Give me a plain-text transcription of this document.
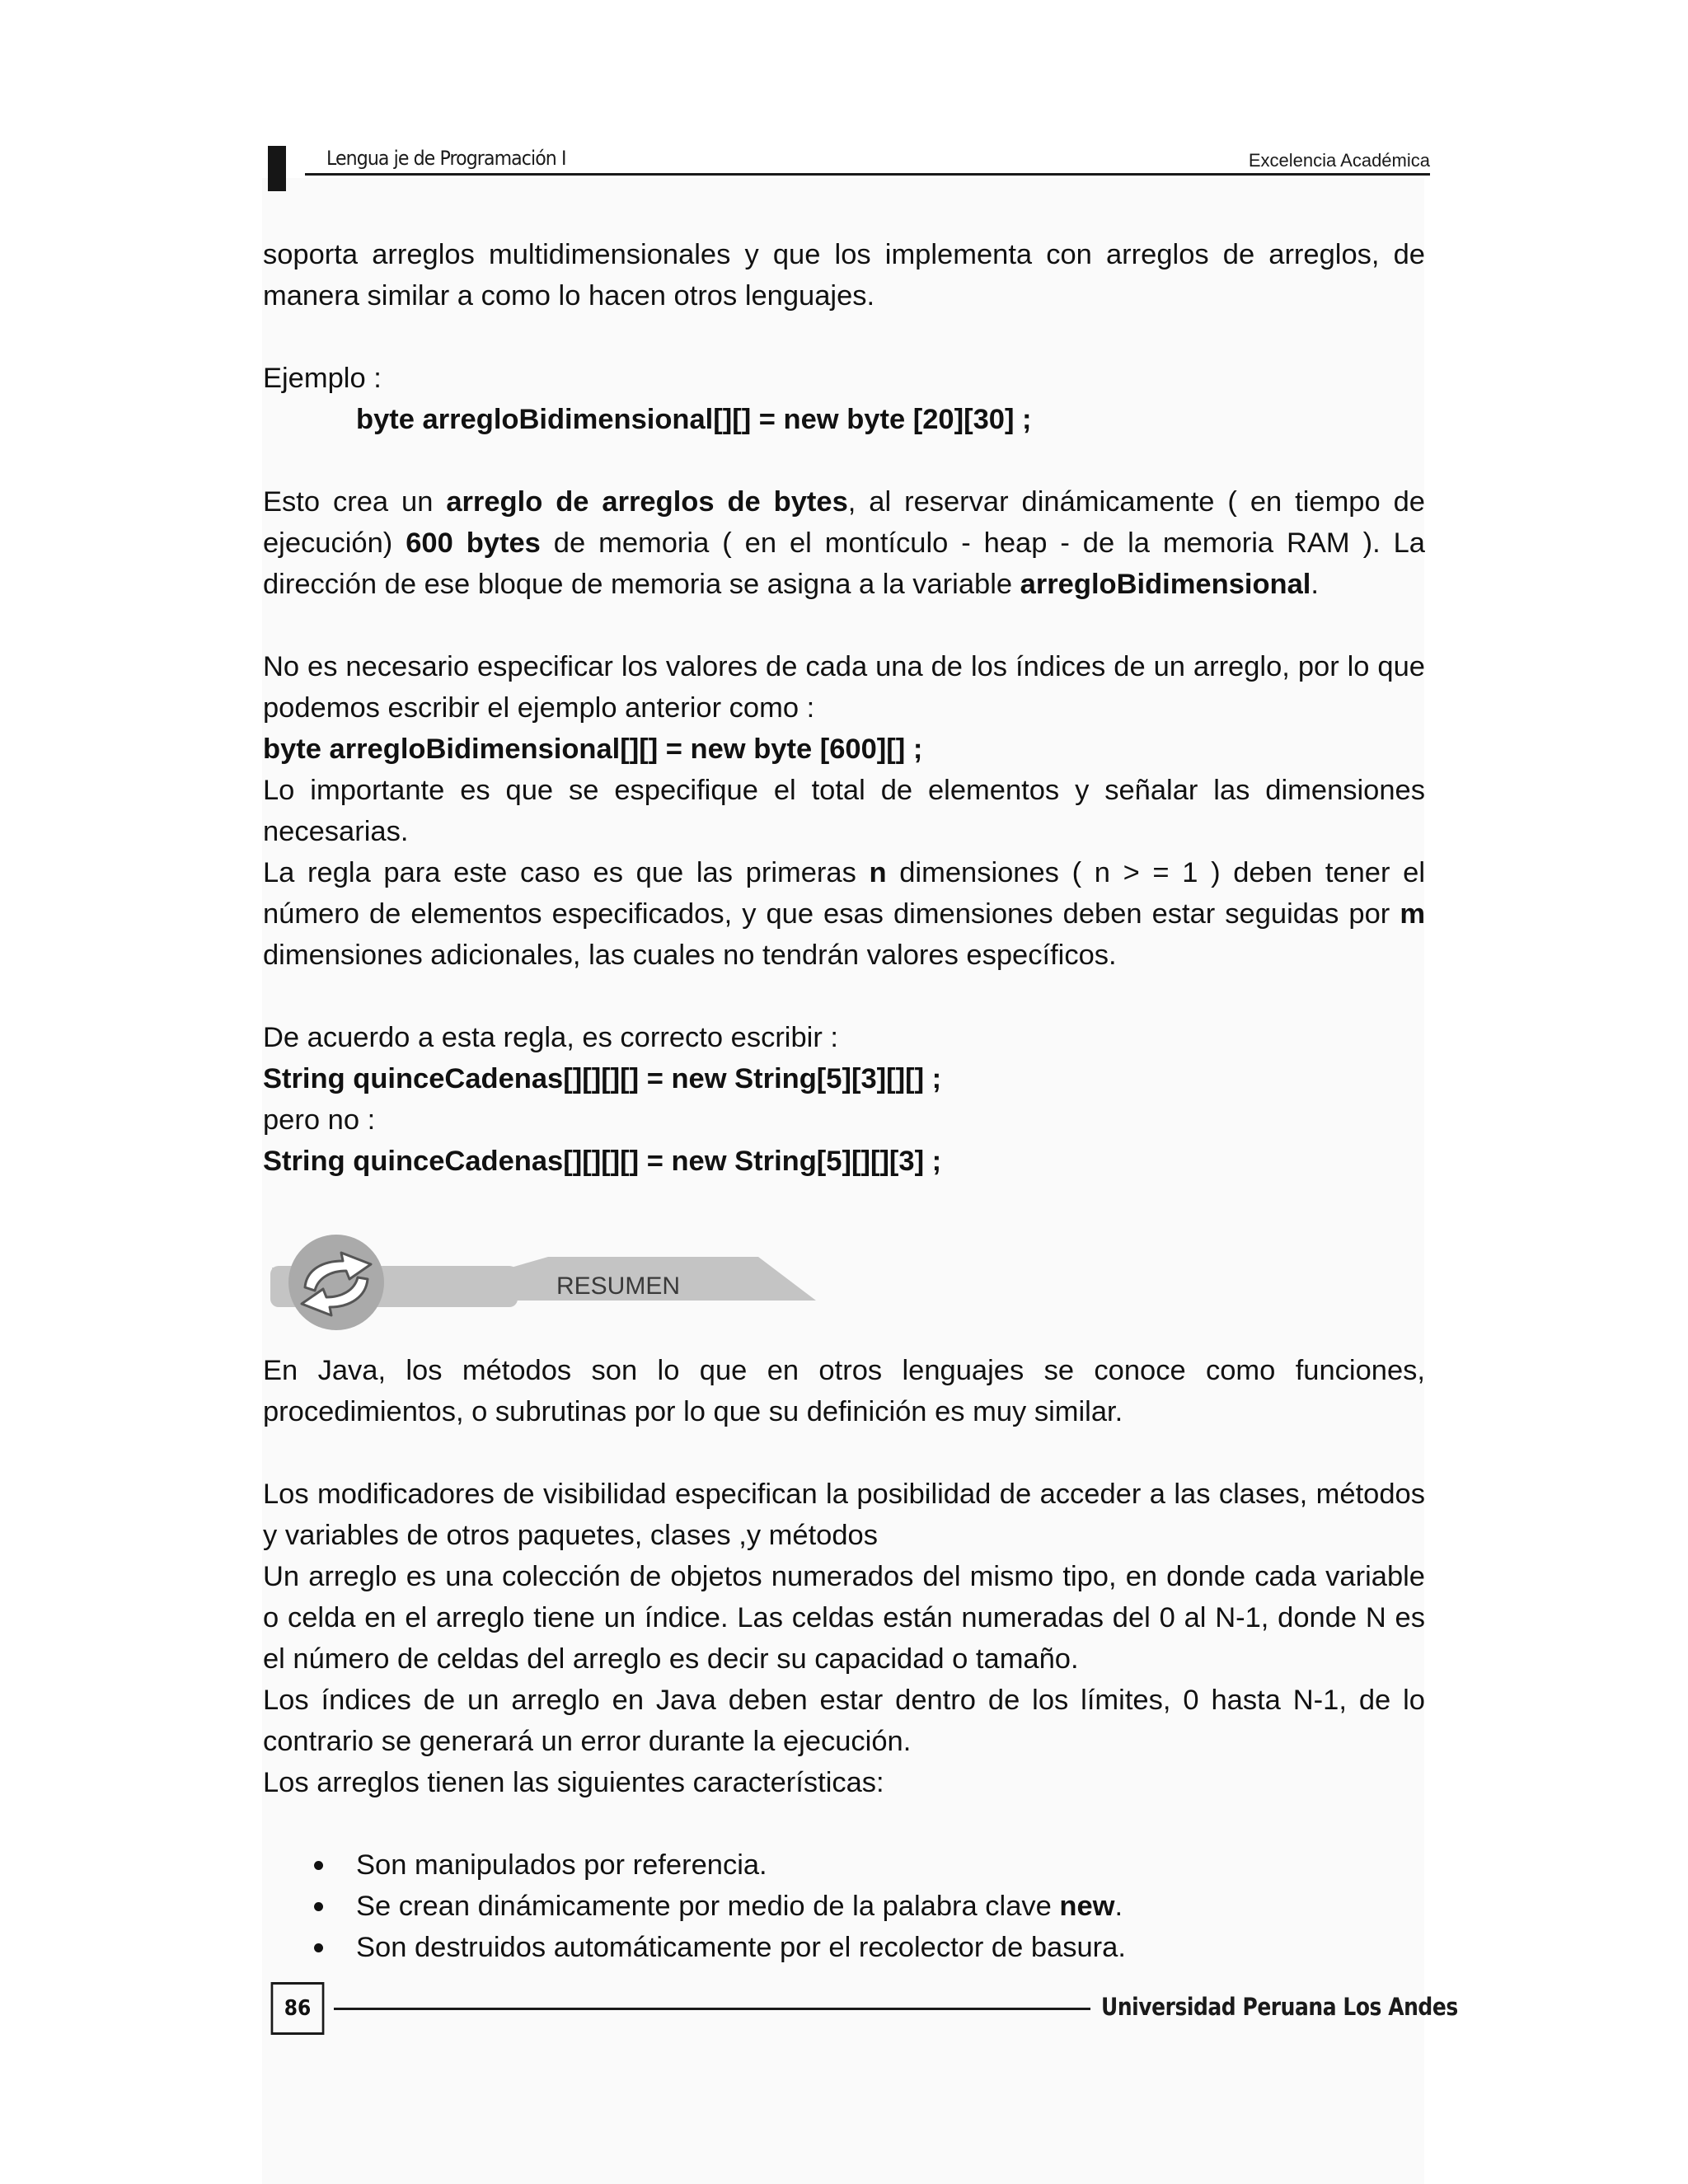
Lengua je de Programación I	Excelencia Académica

soporta arreglos multidimensionales y que los implementa con arreglos de arreglos, de manera similar a como lo hacen otros lenguajes.

Ejemplo :

byte arregloBidimensional[][] = new byte [20][30] ;

Esto crea un arreglo de arreglos de bytes, al reservar dinámicamente ( en tiempo de ejecución) 600 bytes de memoria ( en el montículo - heap - de la memoria RAM ). La dirección de ese bloque de memoria se asigna a la variable arregloBidimensional.

No es necesario especificar los valores de cada una de los índices de un arreglo, por lo que podemos escribir el ejemplo anterior como :

byte arregloBidimensional[][] = new byte [600][] ;

Lo importante es que se especifique el total de elementos y señalar las dimensiones necesarias.

La regla para este caso es que las primeras n dimensiones ( n > = 1 ) deben tener el número de elementos especificados, y que esas dimensiones deben estar seguidas por m dimensiones adicionales, las cuales no tendrán valores específicos.

De acuerdo a esta regla, es correcto escribir :

String quinceCadenas[][][][] = new String[5][3][][] ;

pero no :

String quinceCadenas[][][][] = new String[5][][][3] ;

RESUMEN

En Java, los métodos son lo que en otros lenguajes se conoce como funciones, procedimientos, o subrutinas por lo que su definición es muy similar.

Los modificadores de visibilidad especifican la posibilidad de acceder a las clases, métodos y variables de otros paquetes, clases ,y métodos

Un arreglo es una colección de objetos numerados del mismo tipo, en donde cada variable o celda en el arreglo tiene un índice. Las celdas están numeradas del 0 al N-1, donde N es el número de celdas del arreglo es decir su capacidad o tamaño.

Los índices de un arreglo en Java deben estar dentro de los límites, 0 hasta N-1, de lo contrario se generará un error durante la ejecución.

Los arreglos tienen las siguientes características:

Son manipulados por referencia.
Se crean dinámicamente por medio de la palabra clave new.
Son destruidos automáticamente por el recolector de basura.
86	Universidad Peruana Los Andes
